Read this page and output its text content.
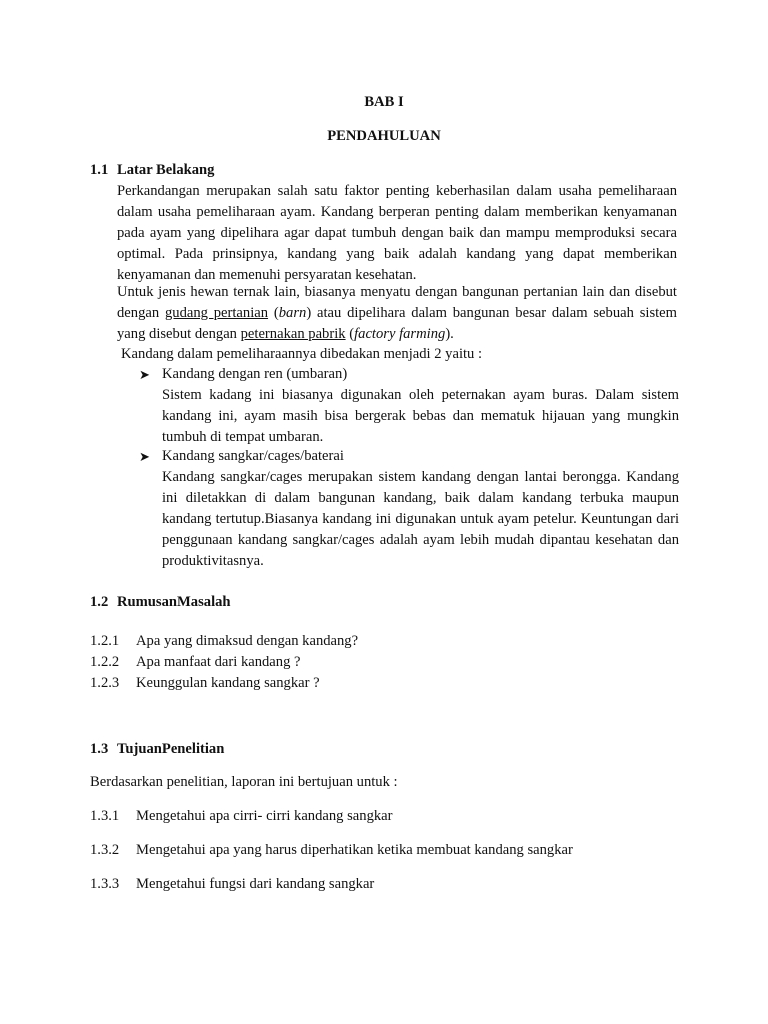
BAB I
PENDAHULUAN
1.1 Latar Belakang
Perkandangan merupakan salah satu faktor penting keberhasilan dalam usaha pemeliharaan dalam usaha pemeliharaan ayam. Kandang berperan penting dalam memberikan kenyamanan pada ayam yang dipelihara agar dapat tumbuh dengan baik dan mampu memproduksi secara optimal. Pada prinsipnya, kandang yang baik adalah kandang yang dapat memberikan kenyamanan dan memenuhi persyaratan kesehatan.
Untuk jenis hewan ternak lain, biasanya menyatu dengan bangunan pertanian lain dan disebut dengan gudang pertanian (barn) atau dipelihara dalam bangunan besar dalam sebuah sistem yang disebut dengan peternakan pabrik (factory farming).
Kandang dalam pemeliharaannya dibedakan menjadi 2 yaitu :
➤ Kandang dengan ren (umbaran)
Sistem kadang ini biasanya digunakan oleh peternakan ayam buras. Dalam sistem kandang ini, ayam masih bisa bergerak bebas dan mematuk hijauan yang mungkin tumbuh di tempat umbaran.
➤ Kandang sangkar/cages/baterai
Kandang sangkar/cages merupakan sistem kandang dengan lantai berongga. Kandang ini diletakkan di dalam bangunan kandang, baik dalam kandang terbuka maupun kandang tertutup.Biasanya kandang ini digunakan untuk ayam petelur. Keuntungan dari penggunaan kandang sangkar/cages adalah ayam lebih mudah dipantau kesehatan dan produktivitasnya.
1.2 RumusanMasalah
1.2.1 Apa yang dimaksud dengan kandang?
1.2.2 Apa manfaat dari kandang ?
1.2.3 Keunggulan kandang sangkar ?
1.3 TujuanPenelitian
Berdasarkan penelitian, laporan ini bertujuan untuk :
1.3.1 Mengetahui apa cirri- cirri kandang sangkar
1.3.2 Mengetahui apa yang harus diperhatikan ketika membuat kandang sangkar
1.3.3 Mengetahui fungsi dari kandang sangkar
